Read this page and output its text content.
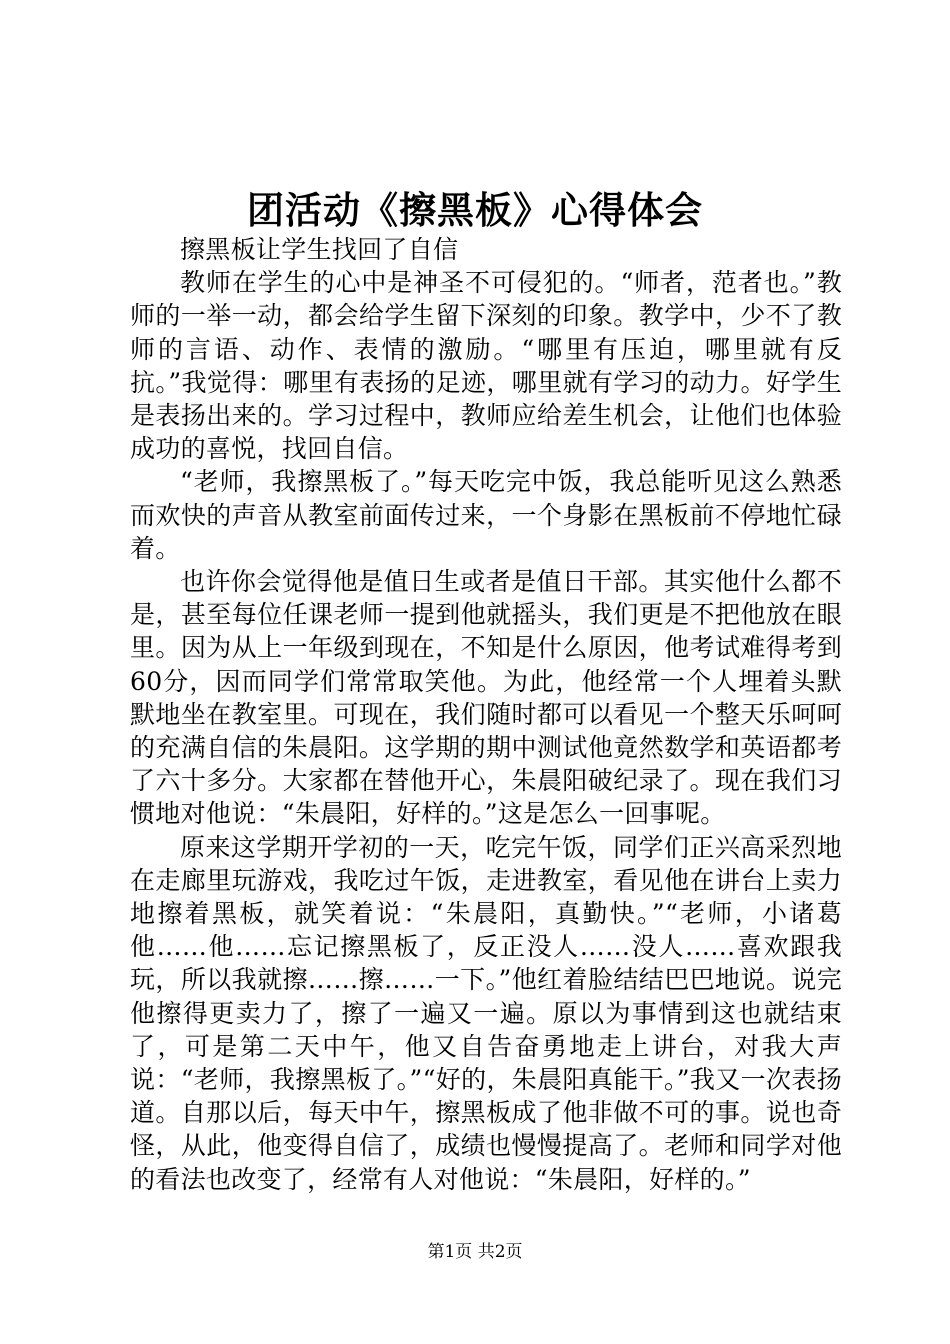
团活动《擦黑板》心得体会

擦黑板让学生找回了自信

教师在学生的心中是神圣不可侵犯的。“师者，范者也。”教师的一举一动，都会给学生留下深刻的印象。教学中，少不了教师的言语、动作、表情的激励。“哪里有压迫，哪里就有反抗。”我觉得：哪里有表扬的足迹，哪里就有学习的动力。好学生是表扬出来的。学习过程中，教师应给差生机会，让他们也体验成功的喜悦，找回自信。

“老师，我擦黑板了。”每天吃完中饭，我总能听见这么熟悉而欢快的声音从教室前面传过来，一个身影在黑板前不停地忙碌着。

也许你会觉得他是值日生或者是值日干部。其实他什么都不是，甚至每位任课老师一提到他就摇头，我们更是不把他放在眼里。因为从上一年级到现在，不知是什么原因，他考试难得考到60分，因而同学们常常取笑他。为此，他经常一个人埋着头默默地坐在教室里。可现在，我们随时都可以看见一个整天乐呵呵的充满自信的朱晨阳。这学期的期中测试他竟然数学和英语都考了六十多分。大家都在替他开心，朱晨阳破纪录了。现在我们习惯地对他说：“朱晨阳，好样的。”这是怎么一回事呢。

原来这学期开学初的一天，吃完午饭，同学们正兴高采烈地在走廊里玩游戏，我吃过午饭，走进教室，看见他在讲台上卖力地擦着黑板，就笑着说：“朱晨阳，真勤快。”“老师，小诸葛他……他……忘记擦黑板了，反正没人……没人……喜欢跟我玩，所以我就擦……擦……一下。”他红着脸结结巴巴地说。说完他擦得更卖力了，擦了一遍又一遍。原以为事情到这也就结束了，可是第二天中午，他又自告奋勇地走上讲台，对我大声说：“老师，我擦黑板了。”“好的，朱晨阳真能干。”我又一次表扬道。自那以后，每天中午，擦黑板成了他非做不可的事。说也奇怪，从此，他变得自信了，成绩也慢慢提高了。老师和同学对他的看法也改变了，经常有人对他说：“朱晨阳，好样的。”

第1页 共2页
